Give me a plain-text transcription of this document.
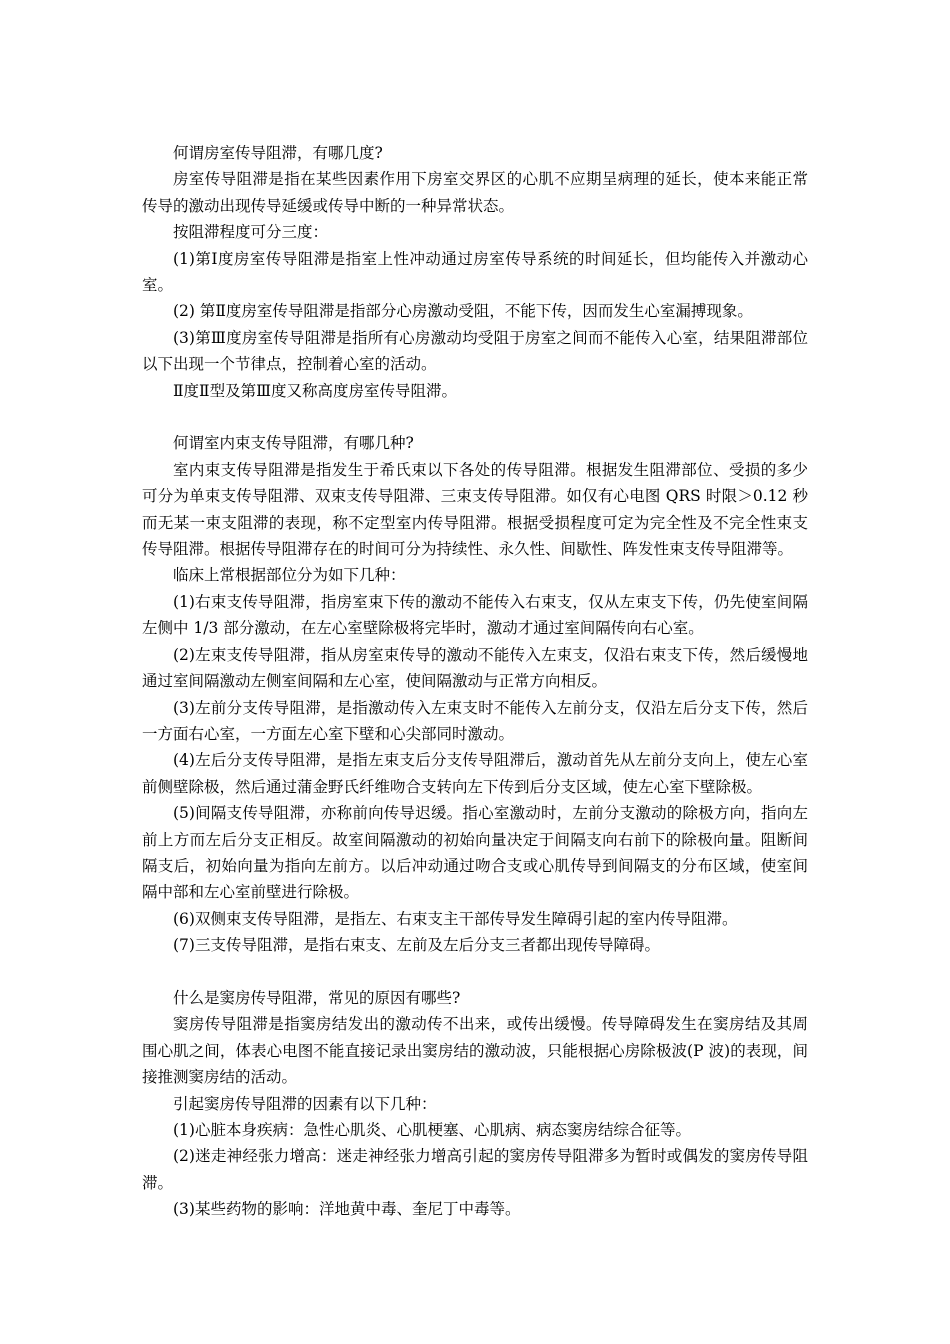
何谓房室传导阻滞，有哪几度?

房室传导阻滞是指在某些因素作用下房室交界区的心肌不应期呈病理的延长，使本来能正常传导的激动出现传导延缓或传导中断的一种异常状态。

按阻滞程度可分三度：

(1)第Ⅰ度房室传导阻滞是指室上性冲动通过房室传导系统的时间延长，但均能传入并激动心室。

(2) 第Ⅱ度房室传导阻滞是指部分心房激动受阻，不能下传，因而发生心室漏搏现象。

(3)第Ⅲ度房室传导阻滞是指所有心房激动均受阻于房室之间而不能传入心室，结果阻滞部位以下出现一个节律点，控制着心室的活动。

Ⅱ度Ⅱ型及第Ⅲ度又称高度房室传导阻滞。

何谓室内束支传导阻滞，有哪几种?

室内束支传导阻滞是指发生于希氏束以下各处的传导阻滞。根据发生阻滞部位、受损的多少可分为单束支传导阻滞、双束支传导阻滞、三束支传导阻滞。如仅有心电图 QRS 时限＞0.12 秒而无某一束支阻滞的表现，称不定型室内传导阻滞。根据受损程度可定为完全性及不完全性束支传导阻滞。根据传导阻滞存在的时间可分为持续性、永久性、间歇性、阵发性束支传导阻滞等。

临床上常根据部位分为如下几种：

(1)右束支传导阻滞，指房室束下传的激动不能传入右束支，仅从左束支下传，仍先使室间隔左侧中 1/3 部分激动，在左心室壁除极将完毕时，激动才通过室间隔传向右心室。

(2)左束支传导阻滞，指从房室束传导的激动不能传入左束支，仅沿右束支下传，然后缓慢地通过室间隔激动左侧室间隔和左心室，使间隔激动与正常方向相反。

(3)左前分支传导阻滞，是指激动传入左束支时不能传入左前分支，仅沿左后分支下传，然后一方面右心室，一方面左心室下壁和心尖部同时激动。

(4)左后分支传导阻滞，是指左束支后分支传导阻滞后，激动首先从左前分支向上，使左心室前侧壁除极，然后通过蒲金野氏纤维吻合支转向左下传到后分支区域，使左心室下壁除极。

(5)间隔支传导阻滞，亦称前向传导迟缓。指心室激动时，左前分支激动的除极方向，指向左前上方而左后分支正相反。故室间隔激动的初始向量决定于间隔支向右前下的除极向量。阻断间隔支后，初始向量为指向左前方。以后冲动通过吻合支或心肌传导到间隔支的分布区域，使室间隔中部和左心室前壁进行除极。

(6)双侧束支传导阻滞，是指左、右束支主干部传导发生障碍引起的室内传导阻滞。

(7)三支传导阻滞，是指右束支、左前及左后分支三者都出现传导障碍。

什么是窦房传导阻滞，常见的原因有哪些?

窦房传导阻滞是指窦房结发出的激动传不出来，或传出缓慢。传导障碍发生在窦房结及其周围心肌之间，体表心电图不能直接记录出窦房结的激动波，只能根据心房除极波(P 波)的表现，间接推测窦房结的活动。

引起窦房传导阻滞的因素有以下几种：

(1)心脏本身疾病：急性心肌炎、心肌梗塞、心肌病、病态窦房结综合征等。

(2)迷走神经张力增高：迷走神经张力增高引起的窦房传导阻滞多为暂时或偶发的窦房传导阻滞。

(3)某些药物的影响：洋地黄中毒、奎尼丁中毒等。
